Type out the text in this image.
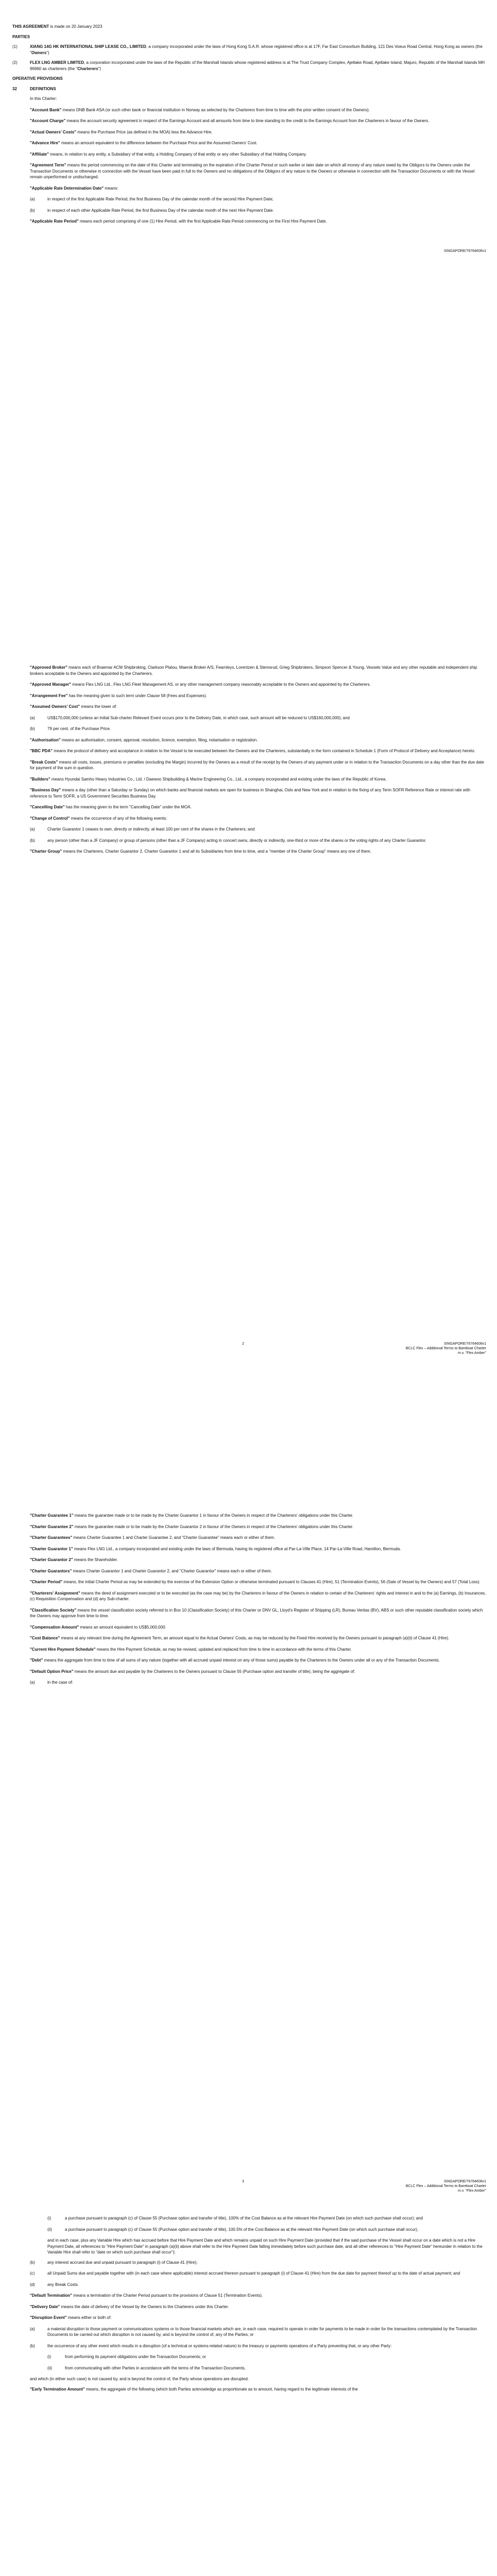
THIS AGREEMENT is made on 20 January 2023

PARTIES

(1)	XIANG 14G HK INTERNATIONAL SHIP LEASE CO., LIMITED, a company incorporated under the laws of Hong Kong S.A.R. whose registered office is at 17F, Far East Consortium Building, 121 Des Voeux Road Central, Hong Kong as owners (the "Owners")

(2)	FLEX LNG AMBER LIMITED, a corporation incorporated under the laws of the Republic of the Marshall Islands whose registered address is at The Trust Company Complex, Ajeltake Road, Ajeltake Island, Majuro, Republic of the Marshall Islands MH 96960 as charterers (the "Charterers")

OPERATIVE PROVISIONS

32	DEFINITIONS

In this Charter:

"Account Bank" means DNB Bank ASA (or such other bank or financial institution in Norway as selected by the Charterers from time to time with the prior written consent of the Owners).

"Account Charge" means the account security agreement in respect of the Earnings Account and all amounts from time to time standing to the credit to the Earnings Account from the Charterers in favour of the Owners.

"Actual Owners' Costs" means the Purchase Price (as defined in the MOA) less the Advance Hire.

"Advance Hire" means an amount equivalent to the difference between the Purchase Price and the Assumed Owners' Cost.

"Affiliate" means, in relation to any entity, a Subsidiary of that entity, a Holding Company of that entity or any other Subsidiary of that Holding Company.

"Agreement Term" means the period commencing on the date of this Charter and terminating on the expiration of the Charter Period or such earlier or later date on which all money of any nature owed by the Obligors to the Owners under the Transaction Documents or otherwise in connection with the Vessel have been paid in full to the Owners and no obligations of the Obligors of any nature to the Owners or otherwise in connection with the Transaction Documents or with the Vessel remain unperformed or undischarged.

"Applicable Rate Determination Date" means:

(a)	in respect of the first Applicable Rate Period, the first Business Day of the calendar month of the second Hire Payment Date;
(b)	in respect of each other Applicable Rate Period, the first Business Day of the calendar month of the next Hire Payment Date.

"Applicable Rate Period" means each period comprising of one (1) Hire Period, with the first Applicable Rate Period commencing on the First Hire Payment Date.

SINGAPORE/76764606v1

"Approved Broker" means each of Braemar ACM Shipbroking, Clarkson Platou, Maersk Broker A/S, Fearnleys, Lorentzen & Stemsrud, Grieg Shipbrokers, Simpson Spencer & Young, Vessels Value and any other reputable and independent ship brokers acceptable to the Owners and appointed by the Charterers.

"Approved Manager" means Flex LNG Ltd., Flex LNG Fleet Management AS, or any other management company reasonably acceptable to the Owners and appointed by the Charterers.

"Arrangement Fee" has the meaning given to such term under Clause 58 (Fees and Expenses).

"Assumed Owners' Cost" means the lower of:

(a)	US$170,000,000 (unless an Initial Sub-charter Relevant Event occurs prior to the Delivery Date, in which case, such amount will be reduced to US$160,000,000); and
(b)	79 per cent. of the Purchase Price.

"Authorisation" means an authorisation, consent, approval, resolution, licence, exemption, filing, notarisation or registration.

"BBC PDA" means the protocol of delivery and acceptance in relation to the Vessel to be executed between the Owners and the Charterers, substantially in the form contained in Schedule 1 (Form of Protocol of Delivery and Acceptance) hereto.

"Break Costs" means all costs, losses, premiums or penalties (excluding the Margin) incurred by the Owners as a result of the receipt by the Owners of any payment under or in relation to the Transaction Documents on a day other than the due date for payment of the sum in question.

"Builders" means Hyundai Samho Heavy Industries Co., Ltd. / Daewoo Shipbuilding & Marine Engineering Co., Ltd., a company incorporated and existing under the laws of the Republic of Korea.

"Business Day" means a day (other than a Saturday or Sunday) on which banks and financial markets are open for business in Shanghai, Oslo and New York and in relation to the fixing of any Term SOFR Reference Rate or interest rate with reference to Term SOFR, a US Government Securities Business Day.

"Cancelling Date" has the meaning given to the term "Cancelling Date" under the MOA.

"Change of Control" means the occurrence of any of the following events:

(a)	Charter Guarantor 1 ceases to own, directly or indirectly, at least 100 per cent of the shares in the Charterers; and
(b)	any person (other than a JF Company) or group of persons (other than a JF Company) acting in concert owns, directly or indirectly, one-third or more of the shares or the voting rights of any Charter Guarantor.

"Charter Group" means the Charterers, Charter Guarantor 2, Charter Guarantor 1 and all its Subsidiaries from time to time, and a "member of the Charter Group" means any one of them.

2	SINGAPORE/76764606v1
BCLC Flex – Additional Terms to Bareboat Charter
m.v. "Flex Amber"

"Charter Guarantee 1" means the guarantee made or to be made by the Charter Guarantor 1 in favour of the Owners in respect of the Charterers' obligations under this Charter.

"Charter Guarantee 2" means the guarantee made or to be made by the Charter Guarantor 2 in favour of the Owners in respect of the Charterers' obligations under this Charter.

"Charter Guarantees" means Charter Guarantee 1 and Charter Guarantee 2, and "Charter Guarantee" means each or either of them.

"Charter Guarantor 1" means Flex LNG Ltd., a company incorporated and existing under the laws of Bermuda, having its registered office at Par-La-Ville Place, 14 Par-La-Ville Road, Hamilton, Bermuda.

"Charter Guarantor 2" means the Shareholder.

"Charter Guarantors" means Charter Guarantor 1 and Charter Guarantor 2, and "Charter Guarantor" means each or either of them.

"Charter Period" means, the initial Charter Period as may be extended by the exercise of the Extension Option or otherwise terminated pursuant to Clauses 41 (Hire), 51 (Termination Events), 56 (Sale of Vessel by the Owners) and 57 (Total Loss).

"Charterers' Assignment" means the deed of assignment executed or to be executed (as the case may be) by the Charterers in favour of the Owners in relation to certain of the Charterers' rights and interest in and to the (a) Earnings, (b) Insurances, (c) Requisition Compensation and (d) any Sub-charter.

"Classification Society" means the vessel classification society referred to in Box 10 (Classification Society) of this Charter or DNV GL, Lloyd's Register of Shipping (LR), Bureau Veritas (BV), ABS or such other reputable classification society which the Owners may approve from time to time.

"Compensation Amount" means an amount equivalent to US$5,000,000.

"Cost Balance" means at any relevant time during the Agreement Term, an amount equal to the Actual Owners' Costs, as may be reduced by the Fixed Hire received by the Owners pursuant to paragraph (a)(ii) of Clause 41 (Hire).

"Current Hire Payment Schedule" means the Hire Payment Schedule, as may be revised, updated and replaced from time to time in accordance with the terms of this Charter.

"Debt" means the aggregate from time to time of all sums of any nature (together with all accrued unpaid interest on any of those sums) payable by the Charterers to the Owners under all or any of the Transaction Documents.

"Default Option Price" means the amount due and payable by the Charterers to the Owners pursuant to Clause 55 (Purchase option and transfer of title), being the aggregate of:

(a)	in the case of:
3	SINGAPORE/76764606v1
BCLC Flex – Additional Terms to Bareboat Charter
m.v. "Flex Amber"
(i)	a purchase pursuant to paragraph (c) of Clause 55 (Purchase option and transfer of title), 100% of the Cost Balance as at the relevant Hire Payment Date (on which such purchase shall occur); and
(ii)	a purchase pursuant to paragraph (c) of Clause 55 (Purchase option and transfer of title), 100.5% of the Cost Balance as at the relevant Hire Payment Date (on which such purchase shall occur),

and in each case, plus any Variable Hire which has accrued before that Hire Payment Date and which remains unpaid on such Hire Payment Date (provided that if the said purchase of the Vessel shall occur on a date which is not a Hire Payment Date, all references to "Hire Payment Date" in paragraph (a)(ii) above shall refer to the Hire Payment Date falling immediately before such purchase date, and all other references to "Hire Payment Date" hereunder in relation to the Variable Hire shall refer to "date on which such purchase shall occur");

(b)	any interest accrued due and unpaid pursuant to paragraph (i) of Clause 41 (Hire);
(c)	all Unpaid Sums due and payable together with (in each case where applicable) interest accrued thereon pursuant to paragraph (i) of Clause 41 (Hire) from the due date for payment thereof up to the date of actual payment; and
(d)	any Break Costs.

"Default Termination" means a termination of the Charter Period pursuant to the provisions of Clause 51 (Termination Events).

"Delivery Date" means the date of delivery of the Vessel by the Owners to the Charterers under this Charter.

"Disruption Event" means either or both of:

(a)	a material disruption to those payment or communications systems or to those financial markets which are, in each case, required to operate in order for payments to be made in order for the transactions contemplated by the Transaction Documents to be carried out which disruption is not caused by, and is beyond the control of, any of the Parties; or
(b)	the occurrence of any other event which results in a disruption (of a technical or systems-related nature) to the treasury or payments operations of a Party preventing that, or any other Party:
(i)	from performing its payment obligations under the Transaction Documents; or
(ii)	from communicating with other Parties in accordance with the terms of the Transaction Documents,

and which (in either such case) is not caused by, and is beyond the control of, the Party whose operations are disrupted.

"Early Termination Amount" means, the aggregate of the following (which both Parties acknowledge as proportionate as to amount, having regard to the legitimate interests of the
